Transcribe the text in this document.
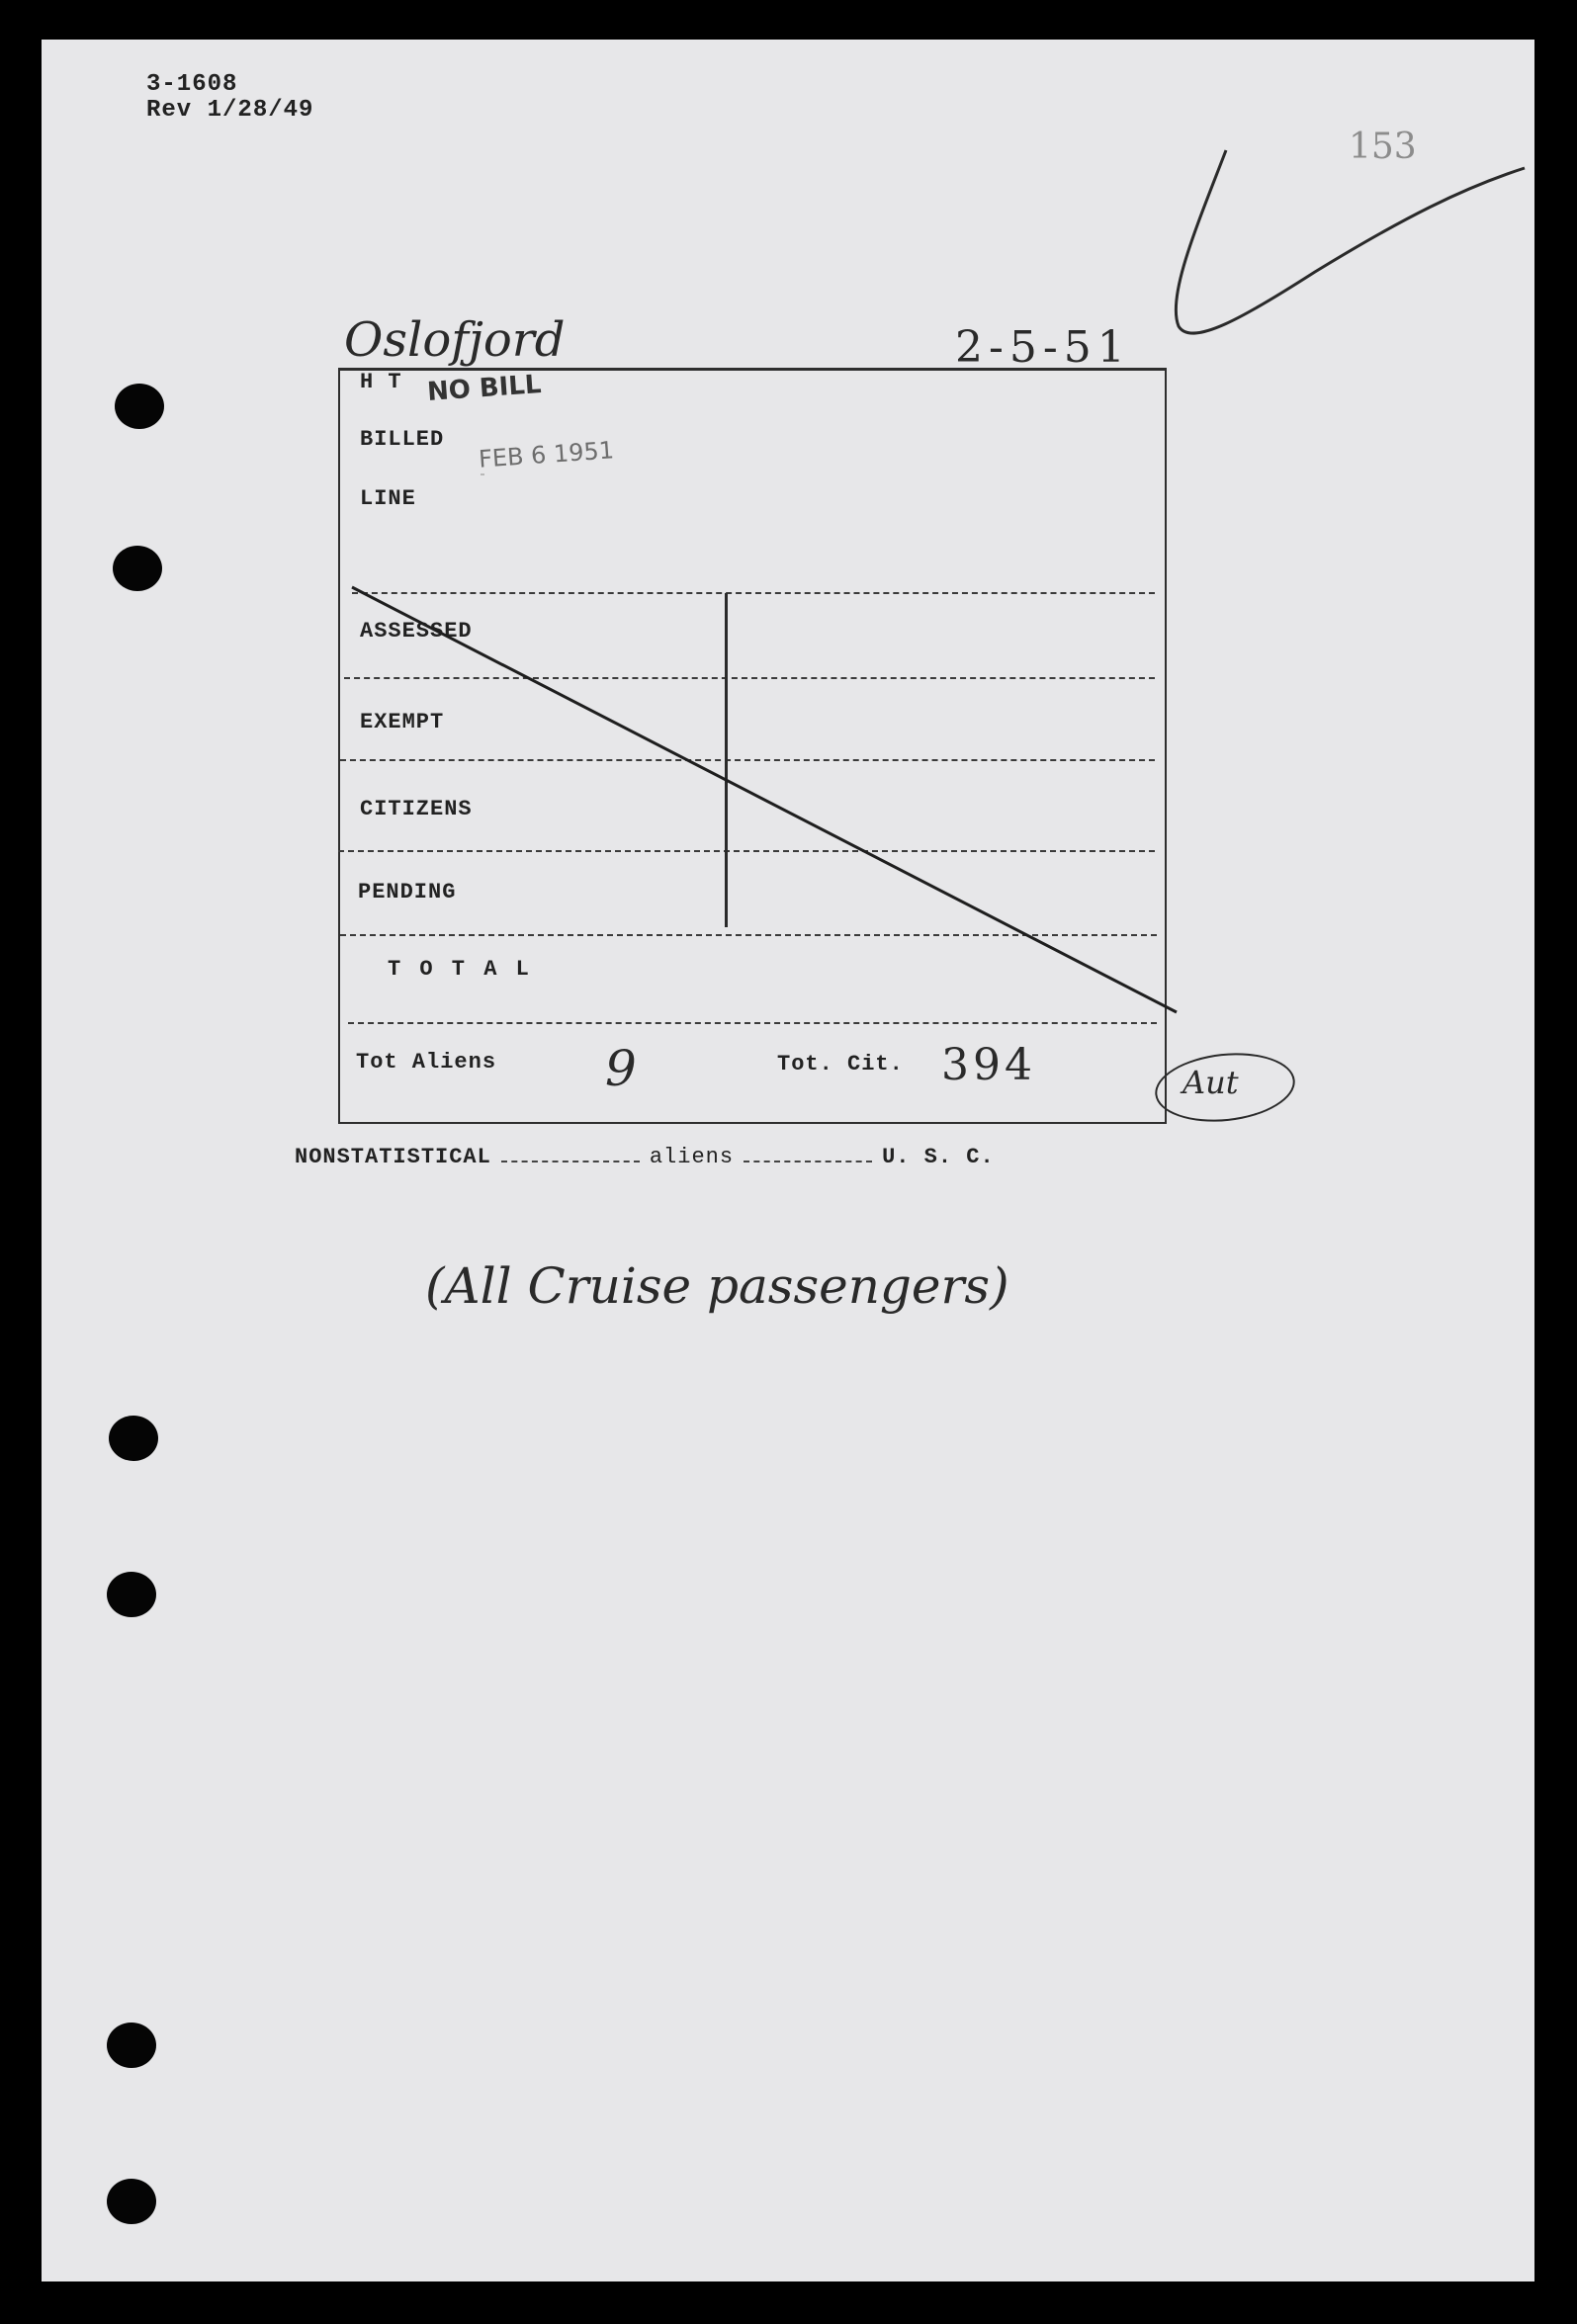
3-1608
Rev 1/28/49
153
Oslofjord	2-5-51
H T NO BILL
BILLED FEB 6 1951
LINE
ASSESSED
EXEMPT
CITIZENS
PENDING
T O T A L
Tot Aliens 9	Tot. Cit. 394	Aut
NONSTATISTICAL	aliens	U. S. C.
(All Cruise passengers)
